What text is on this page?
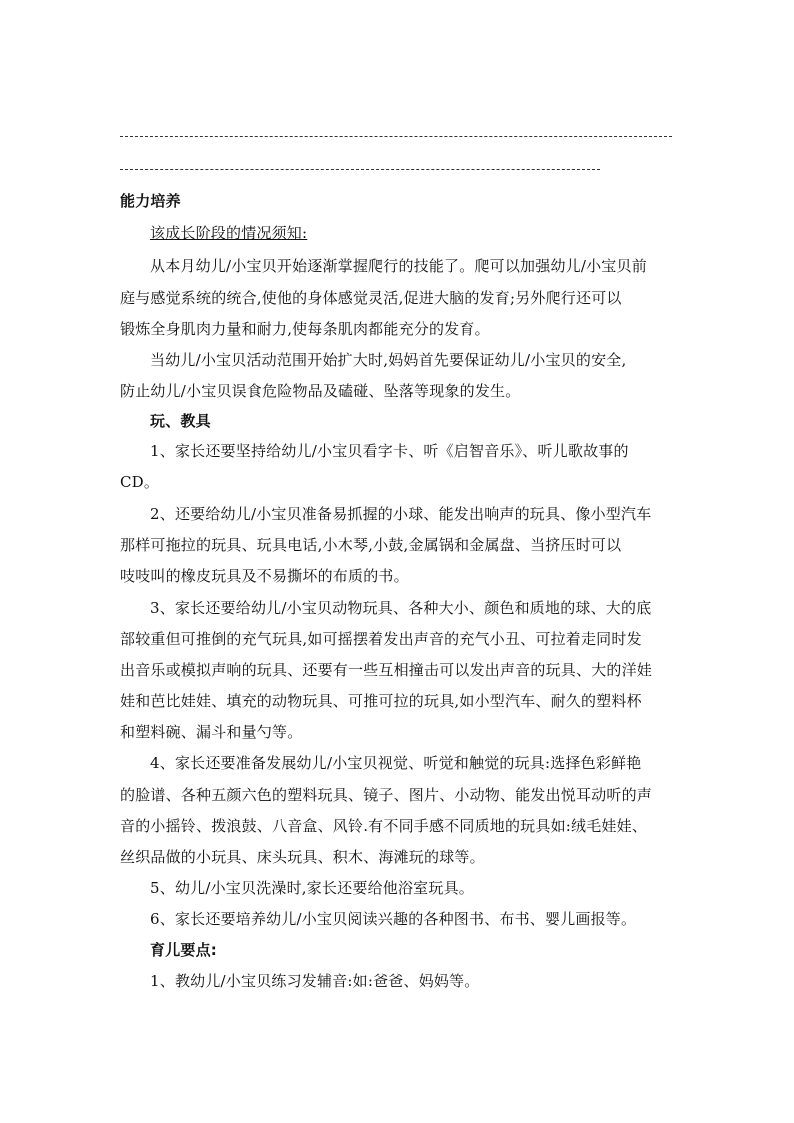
能力培养
该成长阶段的情况须知:
从本月幼儿/小宝贝开始逐渐掌握爬行的技能了。爬可以加强幼儿/小宝贝前
庭与感觉系统的统合,使他的身体感觉灵活,促进大脑的发育;另外爬行还可以
锻炼全身肌肉力量和耐力,使每条肌肉都能充分的发育。
当幼儿/小宝贝活动范围开始扩大时,妈妈首先要保证幼儿/小宝贝的安全,
防止幼儿/小宝贝误食危险物品及磕碰、坠落等现象的发生。
玩、教具
1、家长还要坚持给幼儿/小宝贝看字卡、听《启智音乐》、听儿歌故事的
CD。
2、还要给幼儿/小宝贝准备易抓握的小球、能发出响声的玩具、像小型汽车
那样可拖拉的玩具、玩具电话,小木琴,小鼓,金属锅和金属盘、当挤压时可以
吱吱叫的橡皮玩具及不易撕坏的布质的书。
3、家长还要给幼儿/小宝贝动物玩具、各种大小、颜色和质地的球、大的底
部较重但可推倒的充气玩具,如可摇摆着发出声音的充气小丑、可拉着走同时发
出音乐或模拟声响的玩具、还要有一些互相撞击可以发出声音的玩具、大的洋娃
娃和芭比娃娃、填充的动物玩具、可推可拉的玩具,如小型汽车、耐久的塑料杯
和塑料碗、漏斗和量勺等。
4、家长还要准备发展幼儿/小宝贝视觉、听觉和触觉的玩具:选择色彩鲜艳
的脸谱、各种五颜六色的塑料玩具、镜子、图片、小动物、能发出悦耳动听的声
音的小摇铃、拨浪鼓、八音盒、风铃.有不同手感不同质地的玩具如:绒毛娃娃、
丝织品做的小玩具、床头玩具、积木、海滩玩的球等。
5、幼儿/小宝贝洗澡时,家长还要给他浴室玩具。
6、家长还要培养幼儿/小宝贝阅读兴趣的各种图书、布书、婴儿画报等。
育儿要点:
1、教幼儿/小宝贝练习发辅音:如:爸爸、妈妈等。
